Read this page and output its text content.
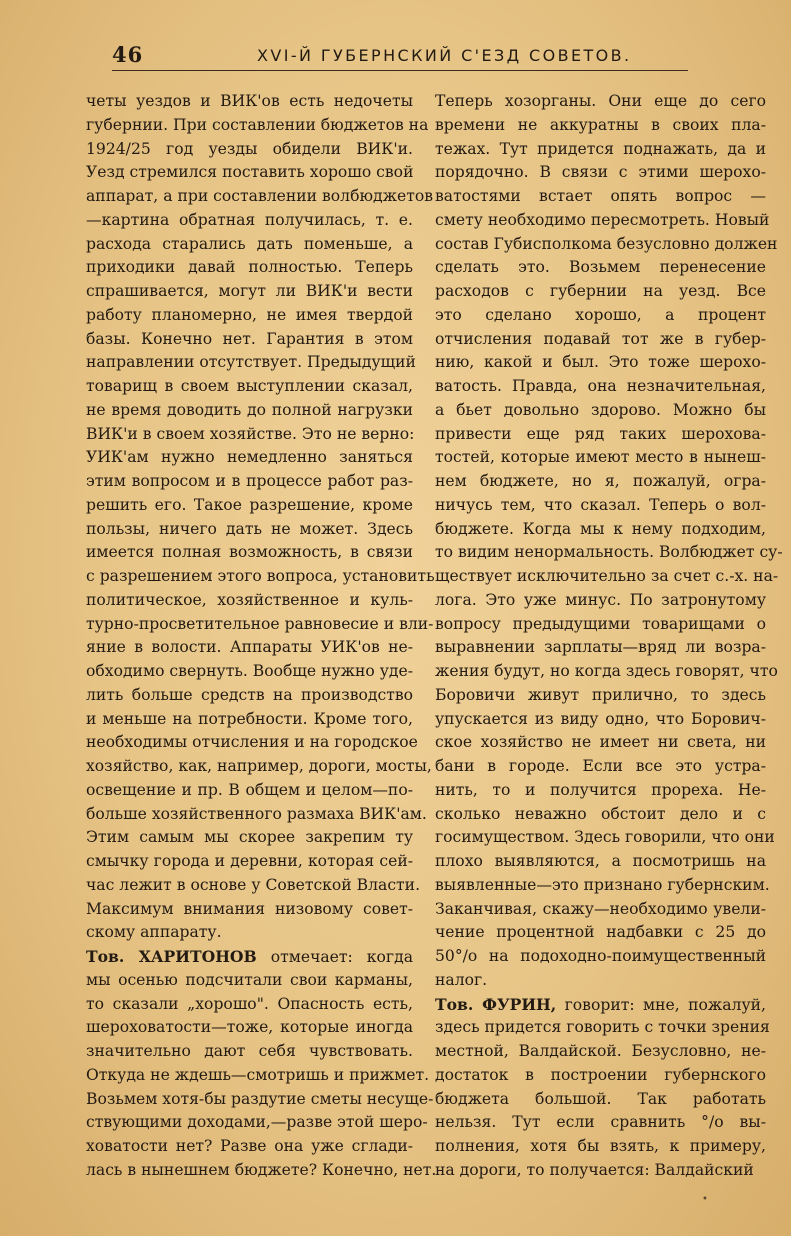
46	XVI-Й ГУБЕРНСКИЙ С'ЕЗД СОВЕТОВ.
четы уездов и ВИК'ов есть недочеты
губернии. При составлении бюджетов на
1924/25 год уезды обидели ВИК'и.
Уезд стремился поставить хорошо свой
аппарат, а при составлении волбюджетов
—картина обратная получилась, т. е.
расхода старались дать поменьше, а
приходики давай полностью. Теперь
спрашивается, могут ли ВИК'и вести
работу планомерно, не имея твердой
базы. Конечно нет. Гарантия в этом
направлении отсутствует. Предыдущий
товарищ в своем выступлении сказал,
не время доводить до полной нагрузки
ВИК'и в своем хозяйстве. Это не верно:
УИК'ам нужно немедленно заняться
этим вопросом и в процессе работ раз-
решить его. Такое разрешение, кроме
пользы, ничего дать не может. Здесь
имеется полная возможность, в связи
с разрешением этого вопроса, установить
политическое, хозяйственное и куль-
турно-просветительное равновесие и вли-
яние в волости. Аппараты УИК'ов не-
обходимо свернуть. Вообще нужно уде-
лить больше средств на производство
и меньше на потребности. Кроме того,
необходимы отчисления и на городское
хозяйство, как, например, дороги, мосты,
освещение и пр. В общем и целом—по-
больше хозяйственного размаха ВИК'ам.
Этим самым мы скорее закрепим ту
смычку города и деревни, которая сей-
час лежит в основе у Советской Власти.
Максимум внимания низовому совет-
скому аппарату.
Тов. ХАРИТОНОВ отмечает: когда
мы осенью подсчитали свои карманы,
то сказали „хорошо". Опасность есть,
шероховатости—тоже, которые иногда
значительно дают себя чувствовать.
Откуда не ждешь—смотришь и прижмет.
Возьмем хотя-бы раздутие сметы несуще-
ствующими доходами,—разве этой шеро-
ховатости нет? Разве она уже сглади-
лась в нынешнем бюджете? Конечно, нет.
Теперь хозорганы. Они еще до сего
времени не аккуратны в своих пла-
тежах. Тут придется поднажать, да и
порядочно. В связи с этими шерохо-
ватостями встает опять вопрос —
смету необходимо пересмотреть. Новый
состав Губисполкома безусловно должен
сделать это. Возьмем перенесение
расходов с губернии на уезд. Все
это сделано хорошо, а процент
отчисления подавай тот же в губер-
нию, какой и был. Это тоже шерохо-
ватость. Правда, она незначительная,
а бьет довольно здорово. Можно бы
привести еще ряд таких шерохова-
тостей, которые имеют место в нынеш-
нем бюджете, но я, пожалуй, огра-
ничусь тем, что сказал. Теперь о вол-
бюджете. Когда мы к нему подходим,
то видим ненормальность. Волбюджет су-
ществует исключительно за счет с.-х. на-
лога. Это уже минус. По затронутому
вопросу предыдущими товарищами о
выравнении зарплаты—вряд ли возра-
жения будут, но когда здесь говорят, что
Боровичи живут прилично, то здесь
упускается из виду одно, что Борович-
ское хозяйство не имеет ни света, ни
бани в городе. Если все это устра-
нить, то и получится прореха. Не-
сколько неважно обстоит дело и с
госимуществом. Здесь говорили, что они
плохо выявляются, а посмотришь на
выявленные—это признано губернским.
Заканчивая, скажу—необходимо увели-
чение процентной надбавки с 25 до
50°/о на подоходно-поимущественный
налог.
Тов. ФУРИН, говорит: мне, пожалуй,
здесь придется говорить с точки зрения
местной, Валдайской. Безусловно, не-
достаток в построении губернского
бюджета большой. Так работать
нельзя. Тут если сравнить °/о вы-
полнения, хотя бы взять, к примеру,
на дороги, то получается: Валдайский
•
